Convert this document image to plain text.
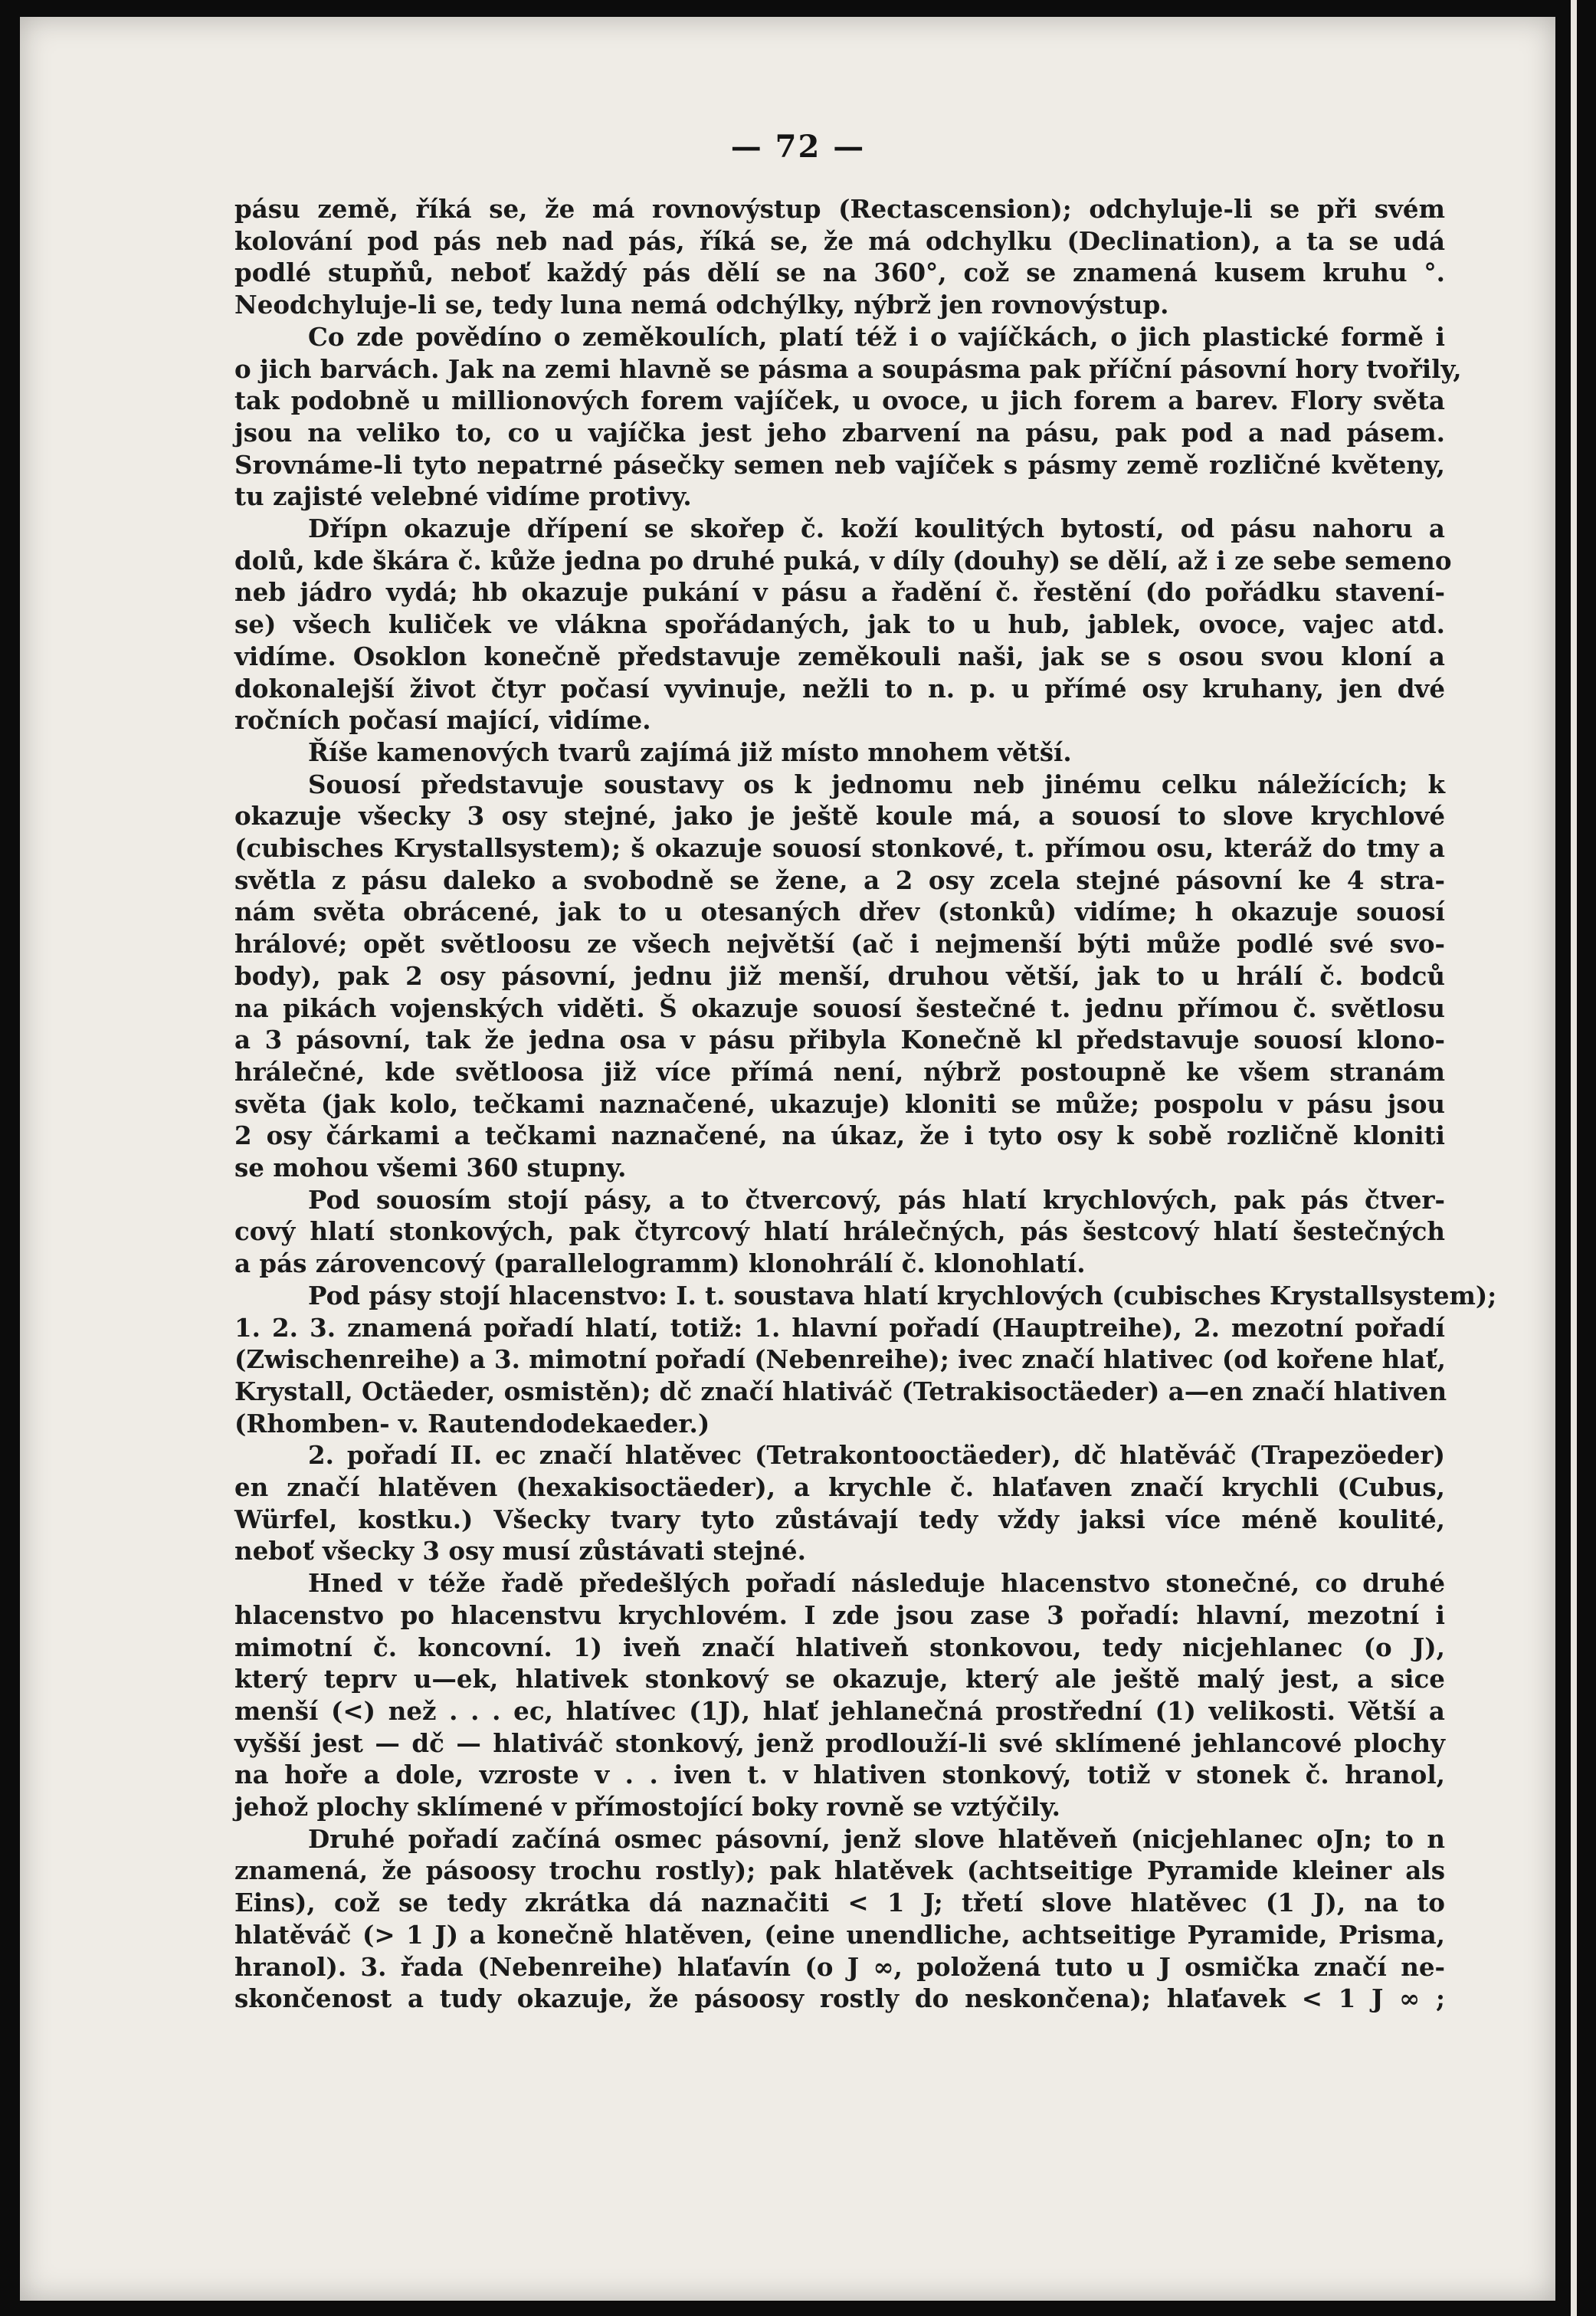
— 72 —
pásu země, říká se, že má rovnovýstup (Rectascension); odchyluje-li se při svém
kolování pod pás neb nad pás, říká se, že má odchylku (Declination), a ta se udá
podlé stupňů, neboť každý pás dělí se na 360°, což se znamená kusem kruhu °.
Neodchyluje-li se, tedy luna nemá odchýlky, nýbrž jen rovnovýstup.
Co zde povědíno o zeměkoulích, platí též i o vajíčkách, o jich plastické formě i
o jich barvách. Jak na zemi hlavně se pásma a soupásma pak příční pásovní hory tvořily,
tak podobně u millionových forem vajíček, u ovoce, u jich forem a barev. Flory světa
jsou na veliko to, co u vajíčka jest jeho zbarvení na pásu, pak pod a nad pásem.
Srovnáme-li tyto nepatrné pásečky semen neb vajíček s pásmy země rozličné květeny,
tu zajisté velebné vidíme protivy.
Dřípn okazuje dřípení se skořep č. koží koulitých bytostí, od pásu nahoru a
dolů, kde škára č. kůže jedna po druhé puká, v díly (douhy) se dělí, až i ze sebe semeno
neb jádro vydá; hb okazuje pukání v pásu a řadění č. řestění (do pořádku stavení-
se) všech kuliček ve vlákna spořádaných, jak to u hub, jablek, ovoce, vajec atd.
vidíme. Osoklon konečně představuje zeměkouli naši, jak se s osou svou kloní a
dokonalejší život čtyr počasí vyvinuje, nežli to n. p. u přímé osy kruhany, jen dvé
ročních počasí mající, vidíme.
Říše kamenových tvarů zajímá již místo mnohem větší.
Souosí představuje soustavy os k jednomu neb jinému celku náležících; k
okazuje všecky 3 osy stejné, jako je ještě koule má, a souosí to slove krychlové
(cubisches Krystallsystem); š okazuje souosí stonkové, t. přímou osu, kteráž do tmy a
světla z pásu daleko a svobodně se žene, a 2 osy zcela stejné pásovní ke 4 stra-
nám světa obrácené, jak to u otesaných dřev (stonků) vidíme; h okazuje souosí
hrálové; opět světloosu ze všech největší (ač i nejmenší býti může podlé své svo-
body), pak 2 osy pásovní, jednu již menší, druhou větší, jak to u hrálí č. bodců
na pikách vojenských viděti. Š okazuje souosí šestečné t. jednu přímou č. světlosu
a 3 pásovní, tak že jedna osa v pásu přibyla Konečně kl představuje souosí klono-
hrálečné, kde světloosa již více přímá není, nýbrž postoupně ke všem stranám
světa (jak kolo, tečkami naznačené, ukazuje) kloniti se může; pospolu v pásu jsou
2 osy čárkami a tečkami naznačené, na úkaz, že i tyto osy k sobě rozličně kloniti
se mohou všemi 360 stupny.
Pod souosím stojí pásy, a to čtvercový, pás hlatí krychlových, pak pás čtver-
cový hlatí stonkových, pak čtyrcový hlatí hrálečných, pás šestcový hlatí šestečných
a pás zárovencový (parallelogramm) klonohrálí č. klonohlatí.
Pod pásy stojí hlacenstvo: I. t. soustava hlatí krychlových (cubisches Krystallsystem);
1. 2. 3. znamená pořadí hlatí, totiž: 1. hlavní pořadí (Hauptreihe), 2. mezotní pořadí
(Zwischenreihe) a 3. mimotní pořadí (Nebenreihe); ivec značí hlativec (od kořene hlať,
Krystall, Octäeder, osmistěn); dč značí hlativáč (Tetrakisoctäeder) a—en značí hlativen
(Rhomben- v. Rautendodekaeder.)
2. pořadí II. ec značí hlatěvec (Tetrakontooctäeder), dč hlatěváč (Trapezöeder)
en značí hlatěven (hexakisoctäeder), a krychle č. hlaťaven značí krychli (Cubus,
Würfel, kostku.) Všecky tvary tyto zůstávají tedy vždy jaksi více méně koulité,
neboť všecky 3 osy musí zůstávati stejné.
Hned v téže řadě předešlých pořadí následuje hlacenstvo stonečné, co druhé
hlacenstvo po hlacenstvu krychlovém. I zde jsou zase 3 pořadí: hlavní, mezotní i
mimotní č. koncovní. 1) iveň značí hlativeň stonkovou, tedy nicjehlanec (o J),
který teprv u—ek, hlativek stonkový se okazuje, který ale ještě malý jest, a sice
menší (<) než . . . ec, hlatívec (1J), hlať jehlanečná prostřední (1) velikosti. Větší a
vyšší jest — dč — hlativáč stonkový, jenž prodlouží-li své sklímené jehlancové plochy
na hoře a dole, vzroste v . . iven t. v hlativen stonkový, totiž v stonek č. hranol,
jehož plochy sklímené v přímostojící boky rovně se vztýčily.
Druhé pořadí začíná osmec pásovní, jenž slove hlatěveň (nicjehlanec oJn; to n
znamená, že pásoosy trochu rostly); pak hlatěvek (achtseitige Pyramide kleiner als
Eins), což se tedy zkrátka dá naznačiti < 1 J; třetí slove hlatěvec (1 J), na to
hlatěváč (> 1 J) a konečně hlatěven, (eine unendliche, achtseitige Pyramide, Prisma,
hranol). 3. řada (Nebenreihe) hlaťavín (o J ∞, položená tuto u J osmička značí ne-
skončenost a tudy okazuje, že pásoosy rostly do neskončena); hlaťavek < 1 J ∞ ;
